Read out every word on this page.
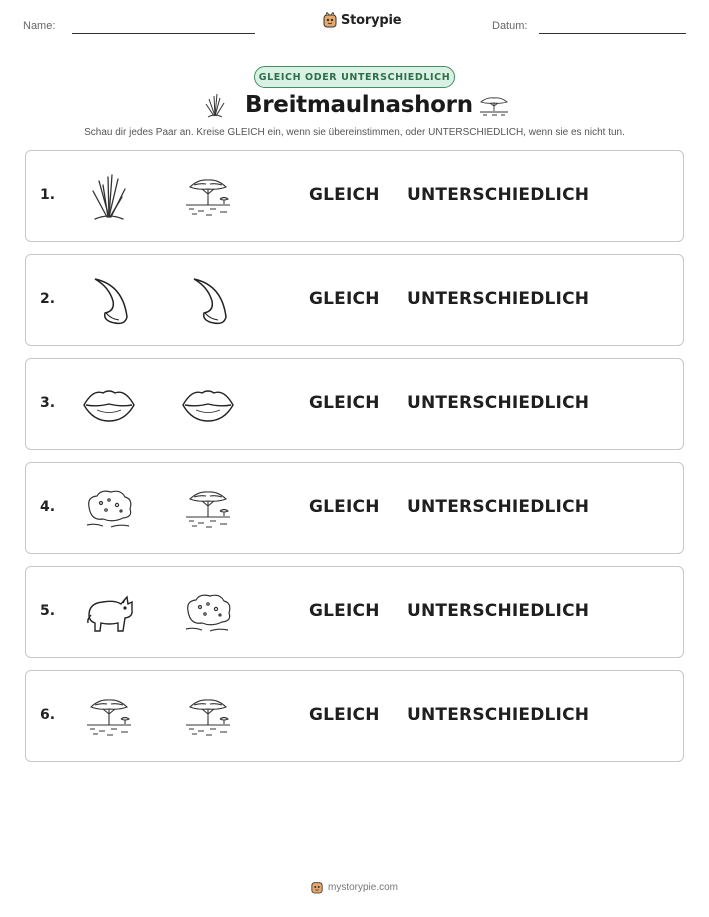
Name:	Storypie	Datum:
GLEICH ODER UNTERSCHIEDLICH
Breitmaulnashorn
Schau dir jedes Paar an. Kreise GLEICH ein, wenn sie übereinstimmen, oder UNTERSCHIEDLICH, wenn sie es nicht tun.
1.	GLEICH UNTERSCHIEDLICH
2.	GLEICH UNTERSCHIEDLICH
3.	GLEICH UNTERSCHIEDLICH
4.	GLEICH UNTERSCHIEDLICH
5.	GLEICH UNTERSCHIEDLICH
6.	GLEICH UNTERSCHIEDLICH
mystorypie.com
